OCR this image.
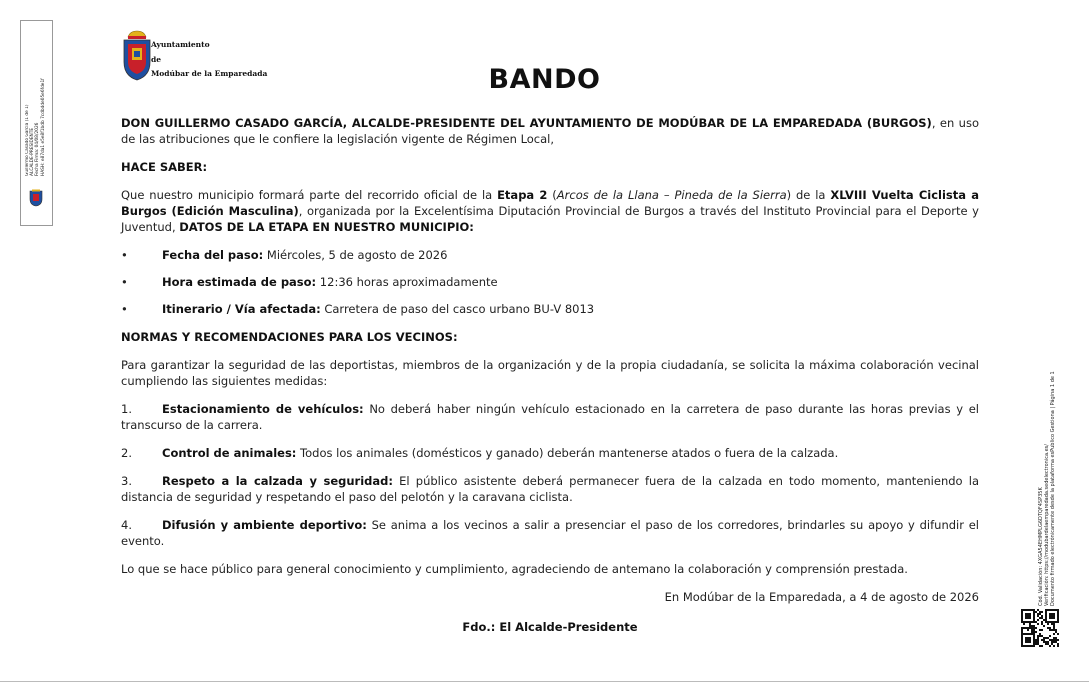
Guillermo Casado García (1 de 1) ALCALDE-PRESIDENTE Fecha Firma: 04/08/2026 HASH: e87da1 e5e8f1bdb 7cdbdde05e6fde1f
Ayuntamiento
de
Modúbar de la Emparedada	BANDO

DON GUILLERMO CASADO GARCÍA, ALCALDE-PRESIDENTE DEL AYUNTAMIENTO DE MODÚBAR DE LA EMPAREDADA (BURGOS), en uso de las atribuciones que le confiere la legislación vigente de Régimen Local,

HACE SABER:

Que nuestro municipio formará parte del recorrido oficial de la Etapa 2 (Arcos de la Llana – Pineda de la Sierra) de la XLVIII Vuelta Ciclista a Burgos (Edición Masculina), organizada por la Excelentísima Diputación Provincial de Burgos a través del Instituto Provincial para el Deporte y Juventud, DATOS DE LA ETAPA EN NUESTRO MUNICIPIO:

•	Fecha del paso: Miércoles, 5 de agosto de 2026

•	Hora estimada de paso: 12:36 horas aproximadamente

•	Itinerario / Vía afectada: Carretera de paso del casco urbano BU-V 8013

NORMAS Y RECOMENDACIONES PARA LOS VECINOS:

Para garantizar la seguridad de las deportistas, miembros de la organización y de la propia ciudadanía, se solicita la máxima colaboración vecinal cumpliendo las siguientes medidas:

1.	Estacionamiento de vehículos: No deberá haber ningún vehículo estacionado en la carretera de paso durante las horas previas y el transcurso de la carrera.

2.	Control de animales: Todos los animales (domésticos y ganado) deberán mantenerse atados o fuera de la calzada.

3.	Respeto a la calzada y seguridad: El público asistente deberá permanecer fuera de la calzada en todo momento, manteniendo la distancia de seguridad y respetando el paso del pelotón y la caravana ciclista.

4.	Difusión y ambiente deportivo: Se anima a los vecinos a salir a presenciar el paso de los corredores, brindarles su apoyo y difundir el evento.

Lo que se hace público para general conocimiento y cumplimiento, agradeciendo de antemano la colaboración y comprensión prestada.

En Modúbar de la Emparedada, a 4 de agosto de 2026

Fdo.: El Alcalde-Presidente

Cód. Validación: 4XGA54EHMPLG6DTQF4SP35K Verificación: https://modubardelaemparedada.sedelectronica.es/ Documento firmado electrónicamente desde la plataforma esPublico Gestiona | Página 1 de 1
